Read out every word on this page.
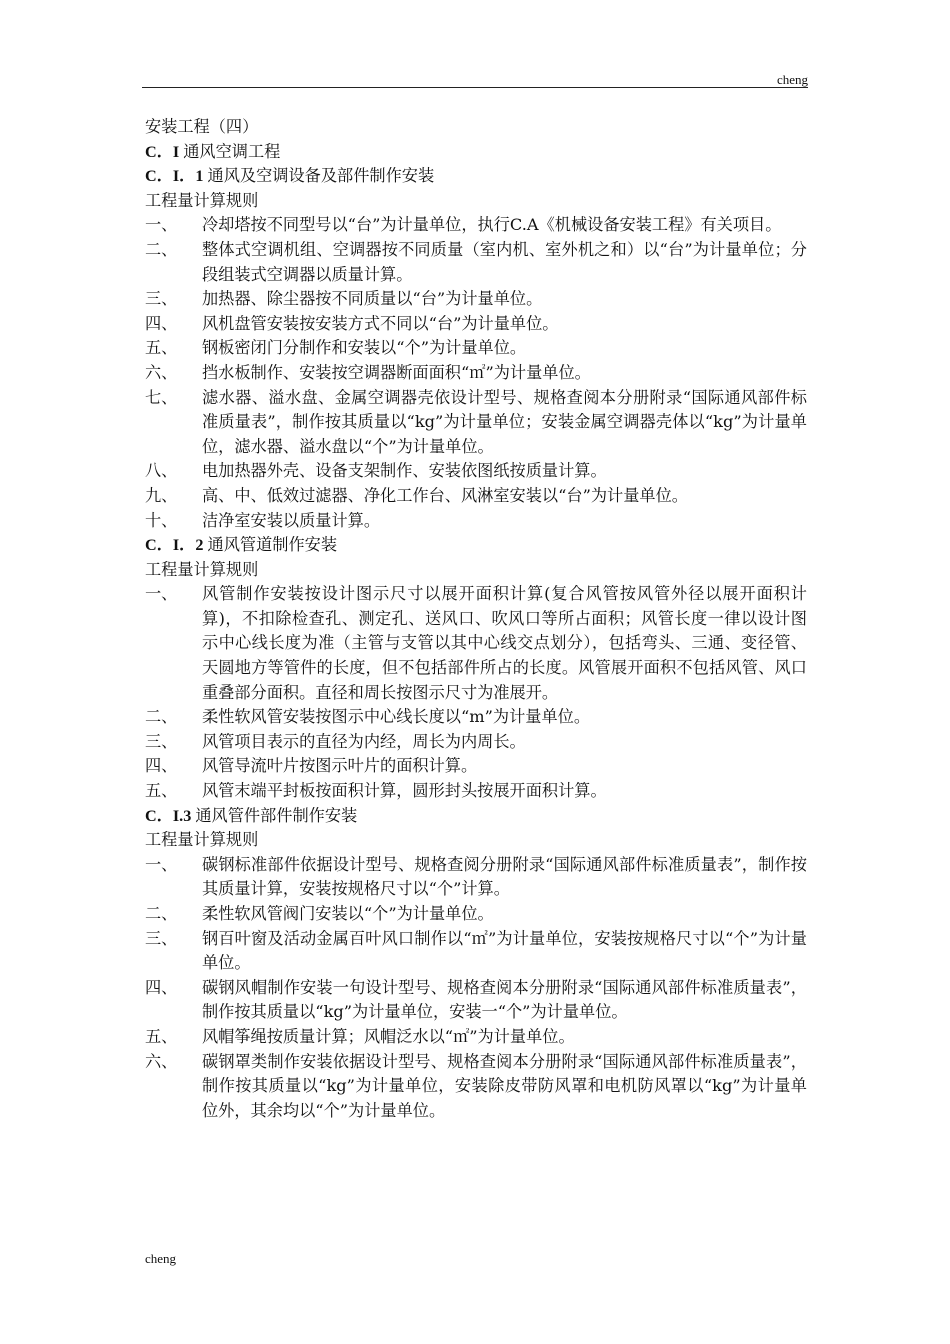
cheng

安装工程（四）

C．I 通风空调工程

C．I．1 通风及空调设备及部件制作安装

工程量计算规则

一、	冷却塔按不同型号以“台”为计量单位，执行C.A《机械设备安装工程》有关项目。
二、	整体式空调机组、空调器按不同质量（室内机、室外机之和）以“台”为计量单位；分段组装式空调器以质量计算。
三、	加热器、除尘器按不同质量以“台”为计量单位。
四、	风机盘管安装按安装方式不同以“台”为计量单位。
五、	钢板密闭门分制作和安装以“个”为计量单位。
六、	挡水板制作、安装按空调器断面面积“㎡”为计量单位。
七、	滤水器、溢水盘、金属空调器壳依设计型号、规格查阅本分册附录“国际通风部件标准质量表”，制作按其质量以“kg”为计量单位；安装金属空调器壳体以“kg”为计量单位，滤水器、溢水盘以“个”为计量单位。
八、	电加热器外壳、设备支架制作、安装依图纸按质量计算。
九、	高、中、低效过滤器、净化工作台、风淋室安装以“台”为计量单位。
十、	洁净室安装以质量计算。

C．I．2 通风管道制作安装

工程量计算规则

一、	风管制作安装按设计图示尺寸以展开面积计算(复合风管按风管外径以展开面积计算)，不扣除检查孔、测定孔、送风口、吹风口等所占面积；风管长度一律以设计图示中心线长度为准（主管与支管以其中心线交点划分），包括弯头、三通、变径管、天圆地方等管件的长度，但不包括部件所占的长度。风管展开面积不包括风管、风口重叠部分面积。直径和周长按图示尺寸为准展开。
二、	柔性软风管安装按图示中心线长度以“m”为计量单位。
三、	风管项目表示的直径为内经，周长为内周长。
四、	风管导流叶片按图示叶片的面积计算。
五、	风管末端平封板按面积计算，圆形封头按展开面积计算。

C．I.3 通风管件部件制作安装

工程量计算规则

一、	碳钢标准部件依据设计型号、规格查阅分册附录“国际通风部件标准质量表”，制作按其质量计算，安装按规格尺寸以“个”计算。
二、	柔性软风管阀门安装以“个”为计量单位。
三、	钢百叶窗及活动金属百叶风口制作以“㎡”为计量单位，安装按规格尺寸以“个”为计量单位。
四、	碳钢风帽制作安装一句设计型号、规格查阅本分册附录“国际通风部件标准质量表”，制作按其质量以“kg”为计量单位，安装一“个”为计量单位。
五、	风帽筝绳按质量计算；风帽泛水以“㎡”为计量单位。
六、	碳钢罩类制作安装依据设计型号、规格查阅本分册附录“国际通风部件标准质量表”，制作按其质量以“kg”为计量单位，安装除皮带防风罩和电机防风罩以“kg”为计量单位外，其余均以“个”为计量单位。
cheng
